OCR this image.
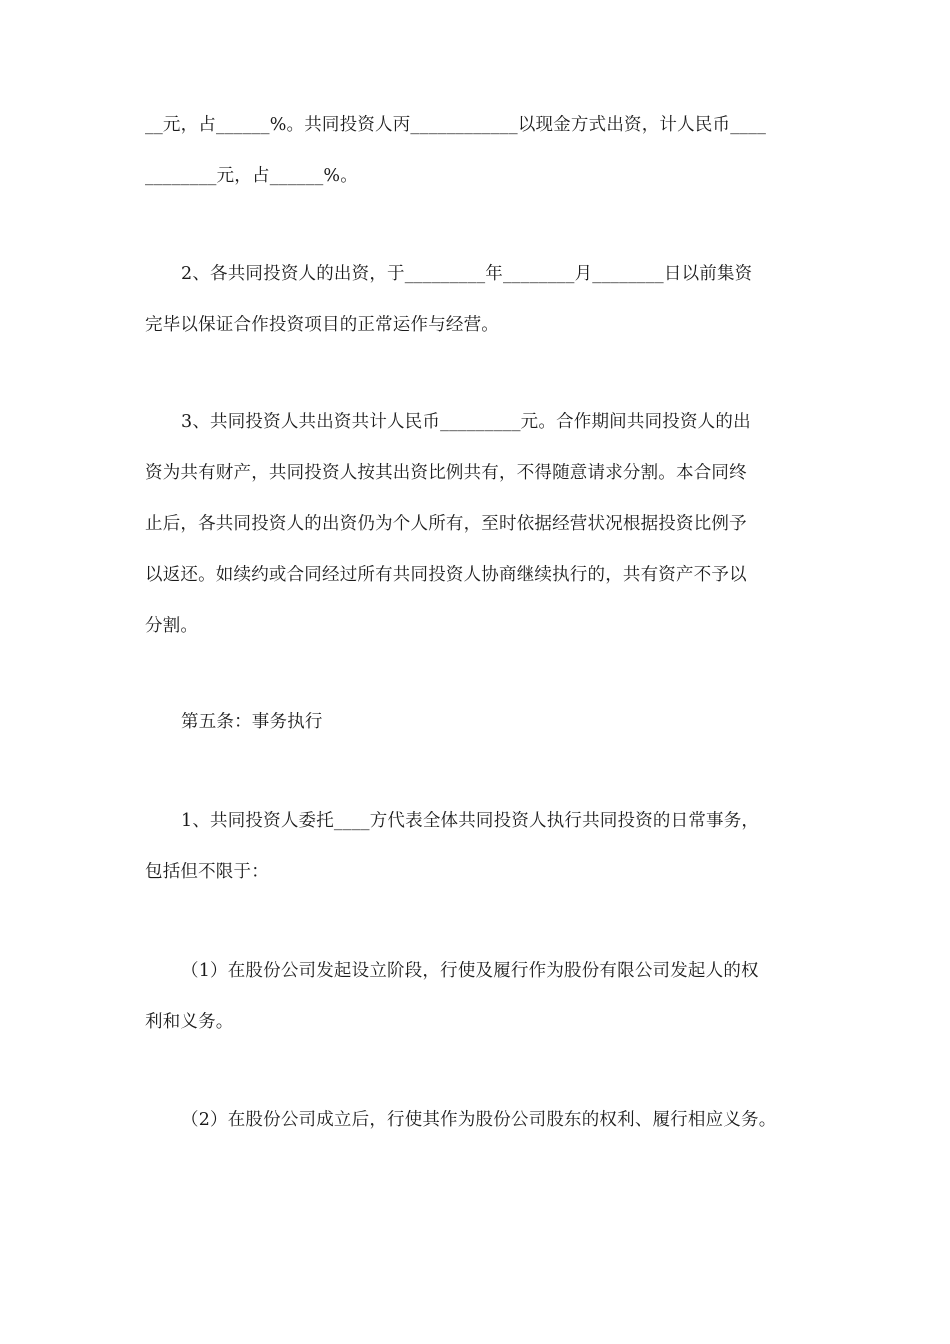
__元，占______%。共同投资人丙____________以现金方式出资，计人民币____
________元，占______%。

2、各共同投资人的出资，于_________年________月________日以前集资
完毕以保证合作投资项目的正常运作与经营。

3、共同投资人共出资共计人民币_________元。合作期间共同投资人的出
资为共有财产，共同投资人按其出资比例共有，不得随意请求分割。本合同终
止后，各共同投资人的出资仍为个人所有，至时依据经营状况根据投资比例予
以返还。如续约或合同经过所有共同投资人协商继续执行的，共有资产不予以
分割。

第五条：事务执行

1、共同投资人委托____方代表全体共同投资人执行共同投资的日常事务，
包括但不限于：

（1）在股份公司发起设立阶段，行使及履行作为股份有限公司发起人的权
利和义务。

（2）在股份公司成立后，行使其作为股份公司股东的权利、履行相应义务。
